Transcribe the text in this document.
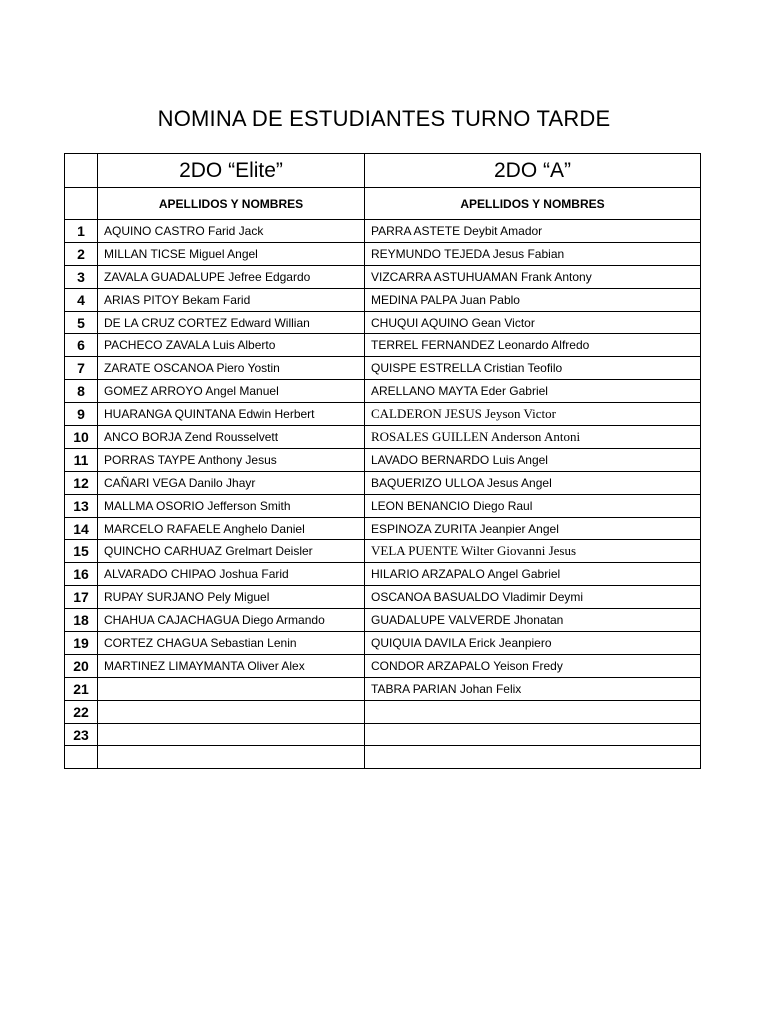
NOMINA DE ESTUDIANTES TURNO TARDE
	2DO “Elite”	2DO “A”
	APELLIDOS Y NOMBRES	APELLIDOS Y NOMBRES
1	AQUINO CASTRO Farid Jack	PARRA ASTETE Deybit Amador
2	MILLAN TICSE Miguel Angel	REYMUNDO TEJEDA Jesus Fabian
3	ZAVALA GUADALUPE Jefree Edgardo	VIZCARRA ASTUHUAMAN Frank Antony
4	ARIAS PITOY Bekam Farid	MEDINA PALPA Juan Pablo
5	DE LA CRUZ CORTEZ Edward Willian	CHUQUI AQUINO Gean Victor
6	PACHECO ZAVALA Luis Alberto	TERREL FERNANDEZ Leonardo Alfredo
7	ZARATE OSCANOA Piero Yostin	QUISPE ESTRELLA Cristian Teofilo
8	GOMEZ ARROYO Angel Manuel	ARELLANO MAYTA Eder Gabriel
9	HUARANGA QUINTANA Edwin Herbert	CALDERON JESUS Jeyson Victor
10	ANCO BORJA Zend Rousselvett	ROSALES GUILLEN Anderson Antoni
11	PORRAS TAYPE Anthony Jesus	LAVADO BERNARDO Luis Angel
12	CAÑARI VEGA Danilo Jhayr	BAQUERIZO ULLOA Jesus Angel
13	MALLMA OSORIO Jefferson Smith	LEON BENANCIO Diego Raul
14	MARCELO RAFAELE Anghelo Daniel	ESPINOZA ZURITA Jeanpier Angel
15	QUINCHO CARHUAZ Grelmart Deisler	VELA PUENTE Wilter Giovanni Jesus
16	ALVARADO CHIPAO Joshua Farid	HILARIO ARZAPALO Angel Gabriel
17	RUPAY SURJANO Pely Miguel	OSCANOA BASUALDO Vladimir Deymi
18	CHAHUA CAJACHAGUA Diego Armando	GUADALUPE VALVERDE Jhonatan
19	CORTEZ CHAGUA Sebastian Lenin	QUIQUIA DAVILA Erick Jeanpiero
20	MARTINEZ LIMAYMANTA Oliver Alex	CONDOR ARZAPALO Yeison Fredy
21		TABRA PARIAN Johan Felix
22		
23		
